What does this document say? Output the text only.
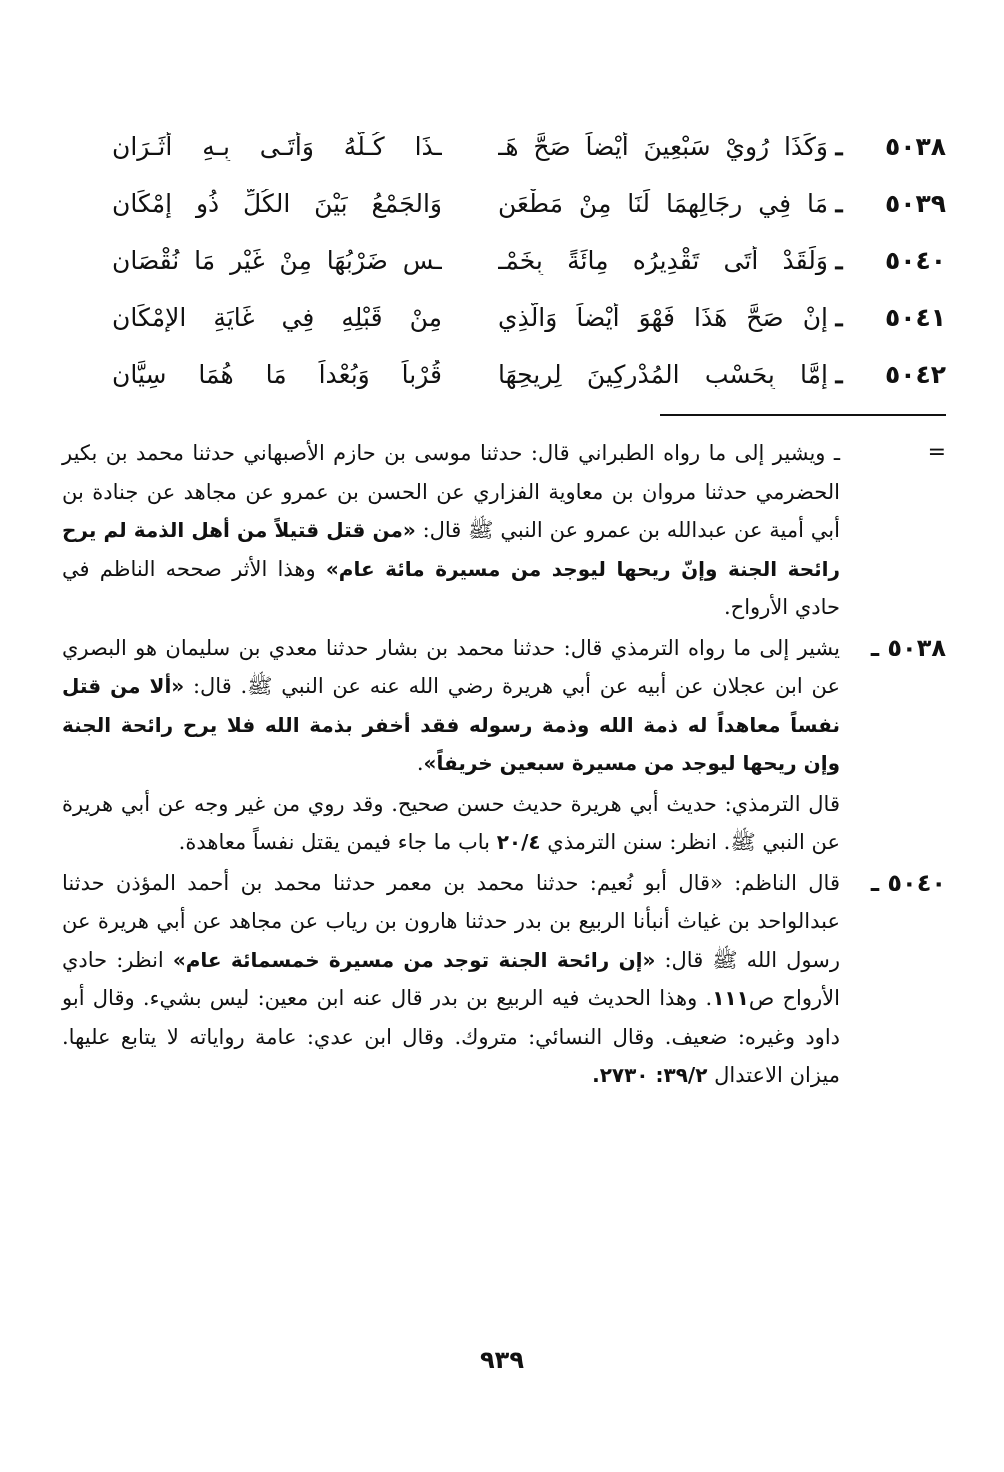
٥٠٣٨
ـ
وَكَذَا رُوِيْ سَبْعِينَ أَيْضاً صَحَّ هَـ
ـذَا كُـلُّهُ وَأَتَـى بِـهِ أَثَـرَانِ
٥٠٣٩
ـ
مَا فِي رِجَالِهِمَا لَنَا مِنْ مَطْعَنٍ
وَالجَمْعُ بَيْنَ الكُلِّ ذُو إِمْكَانِ
٥٠٤٠
ـ
وَلَقَدْ أَتَى تَقْدِيرُه مِائَةً بِخَمْـ
ـسٍ ضَرْبُهَا مِنْ غَيْرِ مَا نُقْصَانِ
٥٠٤١
ـ
إِنْ صَحَّ هَذَا فَهْوَ أَيْضاً وَالَّذِي
مِنْ قَبْلِهِ فِي غَايَةِ الإِمْكَانِ
٥٠٤٢
ـ
إِمَّا بِحَسْبِ المُدْرِكِينَ لِرِيحِهَا
قُرْباً وَبُعْداً مَا هُمَا سِيَّانِ
=

ـ ويشير إلى ما رواه الطبراني قال: حدثنا موسى بن حازم الأصبهاني حدثنا محمد بن بكير الحضرمي حدثنا مروان بن معاوية الفزاري عن الحسن بن عمرو عن مجاهد عن جنادة بن أبي أمية عن عبدالله بن عمرو عن النبي ﷺ قال: «من قتل قتيلاً من أهل الذمة لم يرح رائحة الجنة وإنّ ريحها ليوجد من مسيرة مائة عام» وهذا الأثر صححه الناظم في حادي الأرواح.

٥٠٣٨ ـ

يشير إلى ما رواه الترمذي قال: حدثنا محمد بن بشار حدثنا معدي بن سليمان هو البصري عن ابن عجلان عن أبيه عن أبي هريرة رضي الله عنه عن النبي ﷺ. قال: «ألا من قتل نفساً معاهداً له ذمة الله وذمة رسوله فقد أخفر بذمة الله فلا يرح رائحة الجنة وإن ريحها ليوجد من مسيرة سبعين خريفاً».

قال الترمذي: حديث أبي هريرة حديث حسن صحيح. وقد روي من غير وجه عن أبي هريرة عن النبي ﷺ. انظر: سنن الترمذي ٢٠/٤ باب ما جاء فيمن يقتل نفساً معاهدة.

٥٠٤٠ ـ

قال الناظم: «قال أبو نُعيم: حدثنا محمد بن معمر حدثنا محمد بن أحمد المؤذن حدثنا عبدالواحد بن غياث أنبأنا الربيع بن بدر حدثنا هارون بن رياب عن مجاهد عن أبي هريرة عن رسول الله ﷺ قال: «إن رائحة الجنة توجد من مسيرة خمسمائة عام» انظر: حادي الأرواح ص١١١. وهذا الحديث فيه الربيع بن بدر قال عنه ابن معين: ليس بشيء. وقال أبو داود وغيره: ضعيف. وقال النسائي: متروك. وقال ابن عدي: عامة رواياته لا يتابع عليها. ميزان الاعتدال ٣٩/٢: ٢٧٣٠.

٩٣٩
